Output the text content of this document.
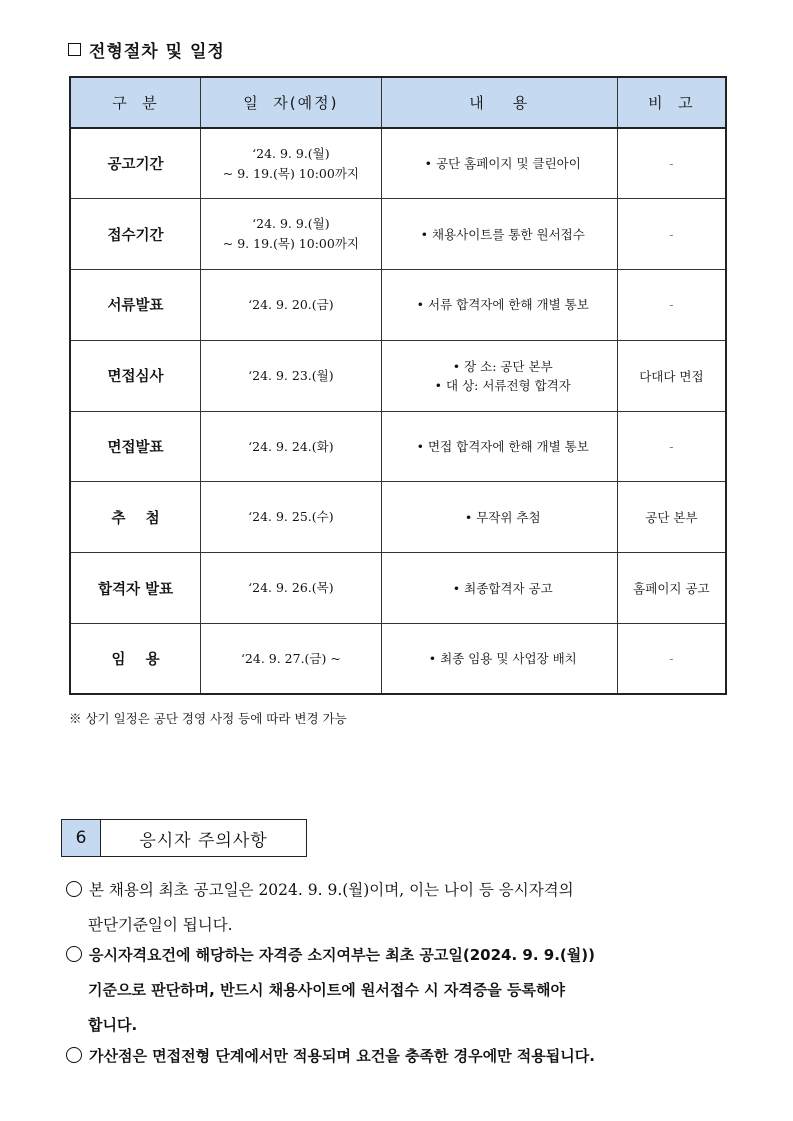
전형절차 및 일정
구  분	일  자(예정)	내    용	비  고
공고기간	‘24. 9. 9.(월)
~ 9. 19.(목) 10:00까지	• 공단 홈페이지 및 클린아이	-
접수기간	‘24. 9. 9.(월)
~ 9. 19.(목) 10:00까지	• 채용사이트를 통한 원서접수	-
서류발표	‘24. 9. 20.(금)	• 서류 합격자에 한해 개별 통보	-
면접심사	‘24. 9. 23.(월)	• 장 소: 공단 본부
• 대 상: 서류전형 합격자	다대다 면접
면접발표	‘24. 9. 24.(화)	• 면접 합격자에 한해 개별 통보	-
추    첨	‘24. 9. 25.(수)	• 무작위 추첨	공단 본부
합격자 발표	‘24. 9. 26.(목)	• 최종합격자 공고	홈페이지 공고
임    용	‘24. 9. 27.(금) ~	• 최종 임용 및 사업장 배치	-
※ 상기 일정은 공단 경영 사정 등에 따라 변경 가능
6	응시자 주의사항
본 채용의 최초 공고일은 2024. 9. 9.(월)이며, 이는 나이 등 응시자격의
판단기준일이 됩니다.
응시자격요건에 해당하는 자격증 소지여부는 최초 공고일(2024. 9. 9.(월))
기준으로 판단하며, 반드시 채용사이트에 원서접수 시 자격증을 등록해야
합니다.
가산점은 면접전형 단계에서만 적용되며 요건을 충족한 경우에만 적용됩니다.
